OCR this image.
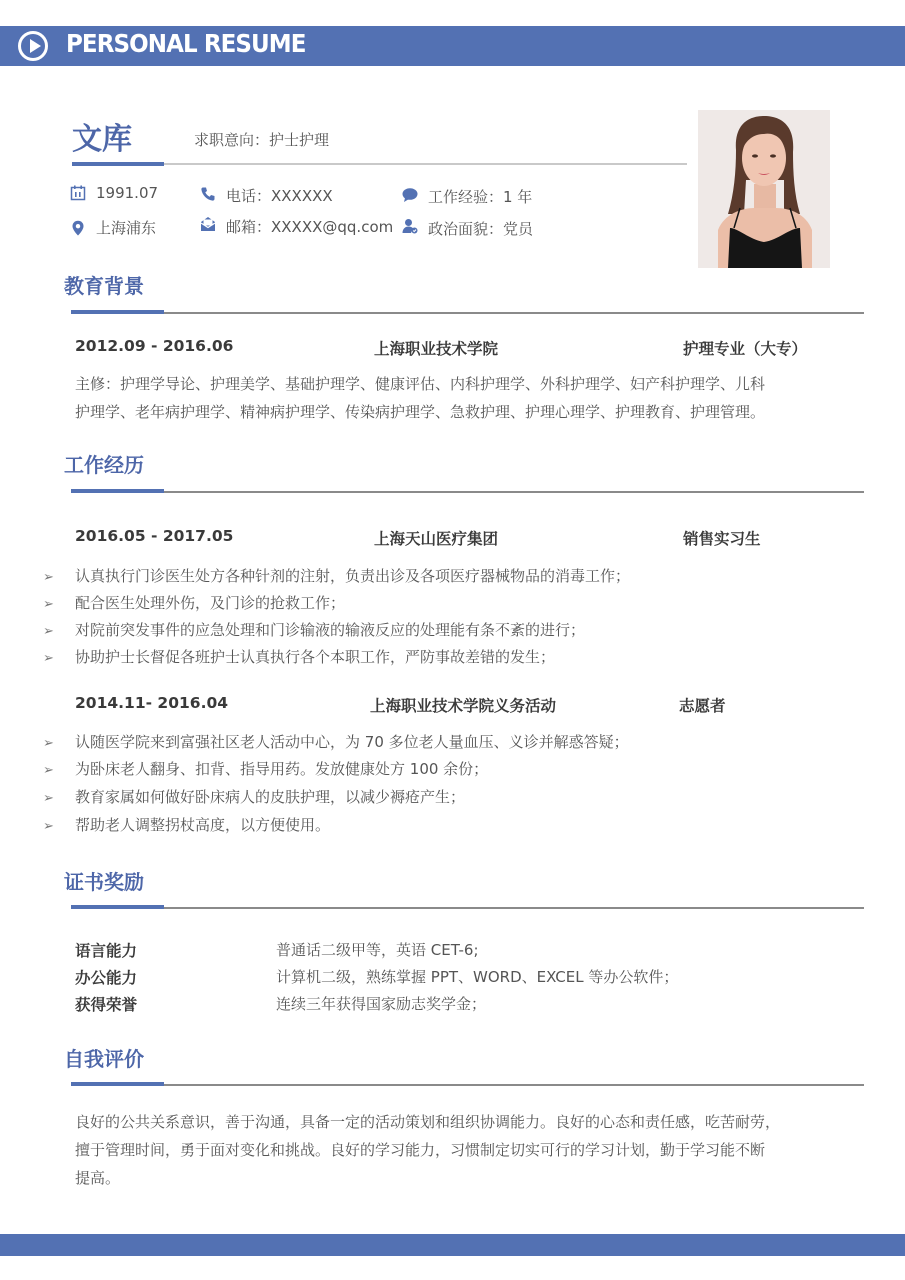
PERSONAL RESUME
文库	求职意向：护士护理
1991.07	电话：XXXXXX	工作经验：1 年
上海浦东	邮箱：XXXXX@qq.com 政治面貌：党员
教育背景
2012.09 - 2016.06	上海职业技术学院	护理专业（大专）
主修：护理学导论、护理美学、基础护理学、健康评估、内科护理学、外科护理学、妇产科护理学、儿科
护理学、老年病护理学、精神病护理学、传染病护理学、急救护理、护理心理学、护理教育、护理管理。
工作经历
2016.05 - 2017.05	上海天山医疗集团	销售实习生
➢ 认真执行门诊医生处方各种针剂的注射，负责出诊及各项医疗器械物品的消毒工作；
➢ 配合医生处理外伤，及门诊的抢救工作；
➢ 对院前突发事件的应急处理和门诊输液的输液反应的处理能有条不紊的进行；
➢ 协助护士长督促各班护士认真执行各个本职工作，严防事故差错的发生；
2014.11- 2016.04	上海职业技术学院义务活动	志愿者
➢ 认随医学院来到富强社区老人活动中心，为 70 多位老人量血压、义诊并解惑答疑；
➢ 为卧床老人翻身、扣背、指导用药。发放健康处方 100 余份；
➢ 教育家属如何做好卧床病人的皮肤护理，以减少褥疮产生；
➢ 帮助老人调整拐杖高度，以方便使用。
证书奖励
语言能力	普通话二级甲等，英语 CET-6;
办公能力	计算机二级，熟练掌握 PPT、WORD、EXCEL 等办公软件；
获得荣誉	连续三年获得国家励志奖学金；
自我评价
良好的公共关系意识，善于沟通，具备一定的活动策划和组织协调能力。良好的心态和责任感，吃苦耐劳，
擅于管理时间，勇于面对变化和挑战。良好的学习能力，习惯制定切实可行的学习计划，勤于学习能不断
提高。
